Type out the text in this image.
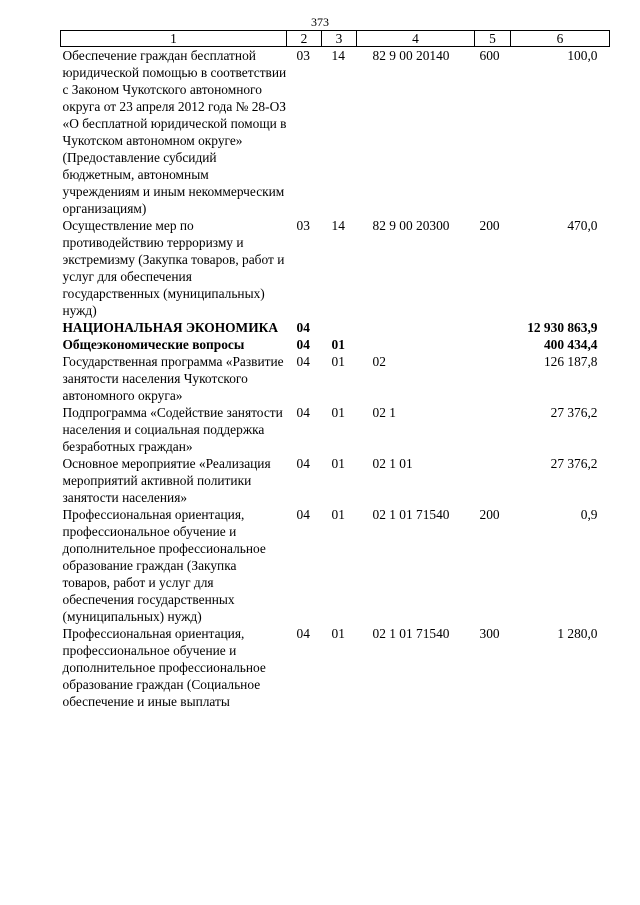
373
1	2	3	4	5	6
Обеспечение граждан бесплатной юридической помощью в соответствии с Законом Чукотского автономного округа от 23 апреля 2012 года № 28-ОЗ «О бесплатной юридической помощи в Чукотском автономном округе» (Предоставление субсидий бюджетным, автономным учреждениям и иным некоммерческим организациям)	03	14	82 9 00 20140	600	100,0
Осуществление мер по противодействию терроризму и экстремизму (Закупка товаров, работ и услуг для обеспечения государственных (муниципальных) нужд)	03	14	82 9 00 20300	200	470,0
НАЦИОНАЛЬНАЯ ЭКОНОМИКА	04				12 930 863,9
Общеэкономические вопросы	04	01			400 434,4
Государственная программа «Развитие занятости населения Чукотского автономного округа»	04	01	02		126 187,8
Подпрограмма «Содействие занятости населения и социальная поддержка безработных граждан»	04	01	02 1		27 376,2
Основное мероприятие «Реализация мероприятий активной политики занятости населения»	04	01	02 1 01		27 376,2
Профессиональная ориентация, профессиональное обучение и дополнительное профессиональное образование граждан (Закупка товаров, работ и услуг для обеспечения государственных (муниципальных) нужд)	04	01	02 1 01 71540	200	0,9
Профессиональная ориентация, профессиональное обучение и дополнительное профессиональное образование граждан (Социальное обеспечение и иные выплаты	04	01	02 1 01 71540	300	1 280,0
